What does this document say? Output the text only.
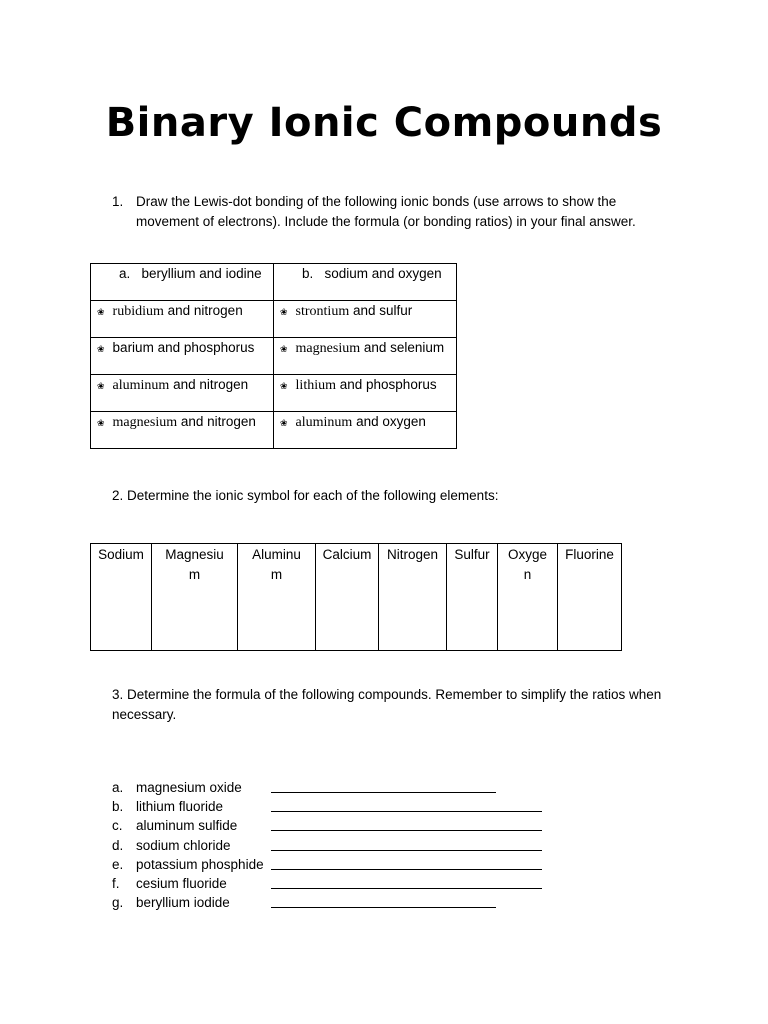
Binary Ionic Compounds
1. Draw the Lewis-dot bonding of the following ionic bonds (use arrows to show the movement of electrons). Include the formula (or bonding ratios) in your final answer.
a. beryllium and iodine	b. sodium and oxygen
❀ rubidium and nitrogen	❀ strontium and sulfur
❀ barium and phosphorus	❀ magnesium and selenium
❀ aluminum and nitrogen	❀ lithium and phosphorus
❀ magnesium and nitrogen	❀ aluminum and oxygen
2. Determine the ionic symbol for each of the following elements:
Sodium	Magnesium	Aluminum	Calcium	Nitrogen	Sulfur	Oxygen	Fluorine
3. Determine the formula of the following compounds. Remember to simplify the ratios when necessary.
a. magnesium oxide
b. lithium fluoride
c. aluminum sulfide
d. sodium chloride
e. potassium phosphide
f. cesium fluoride
g. beryllium iodide
